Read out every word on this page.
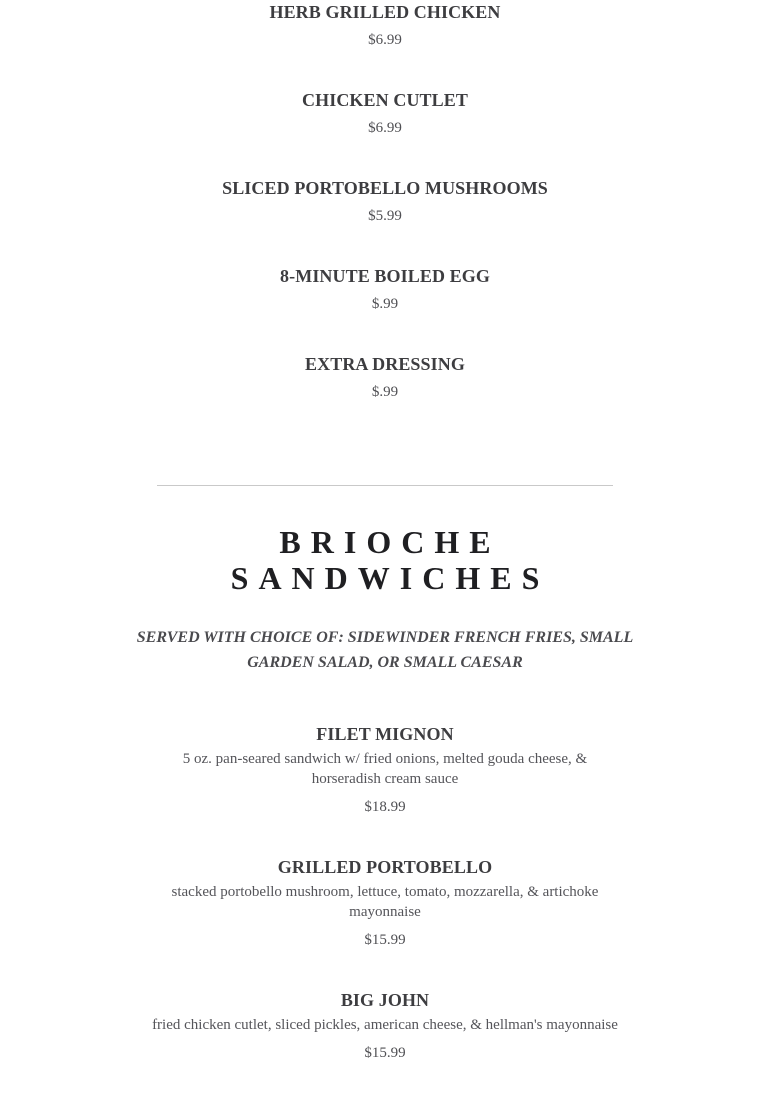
HERB GRILLED CHICKEN
$6.99
CHICKEN CUTLET
$6.99
SLICED PORTOBELLO MUSHROOMS
$5.99
8-MINUTE BOILED EGG
$.99
EXTRA DRESSING
$.99
BRIOCHE
SANDWICHES
SERVED WITH CHOICE OF: SIDEWINDER FRENCH FRIES, SMALL GARDEN SALAD, OR SMALL CAESAR
FILET MIGNON
5 oz. pan-seared sandwich w/ fried onions, melted gouda cheese, & horseradish cream sauce
$18.99
GRILLED PORTOBELLO
stacked portobello mushroom, lettuce, tomato, mozzarella, & artichoke mayonnaise
$15.99
BIG JOHN
fried chicken cutlet, sliced pickles, american cheese, & hellman's mayonnaise
$15.99
